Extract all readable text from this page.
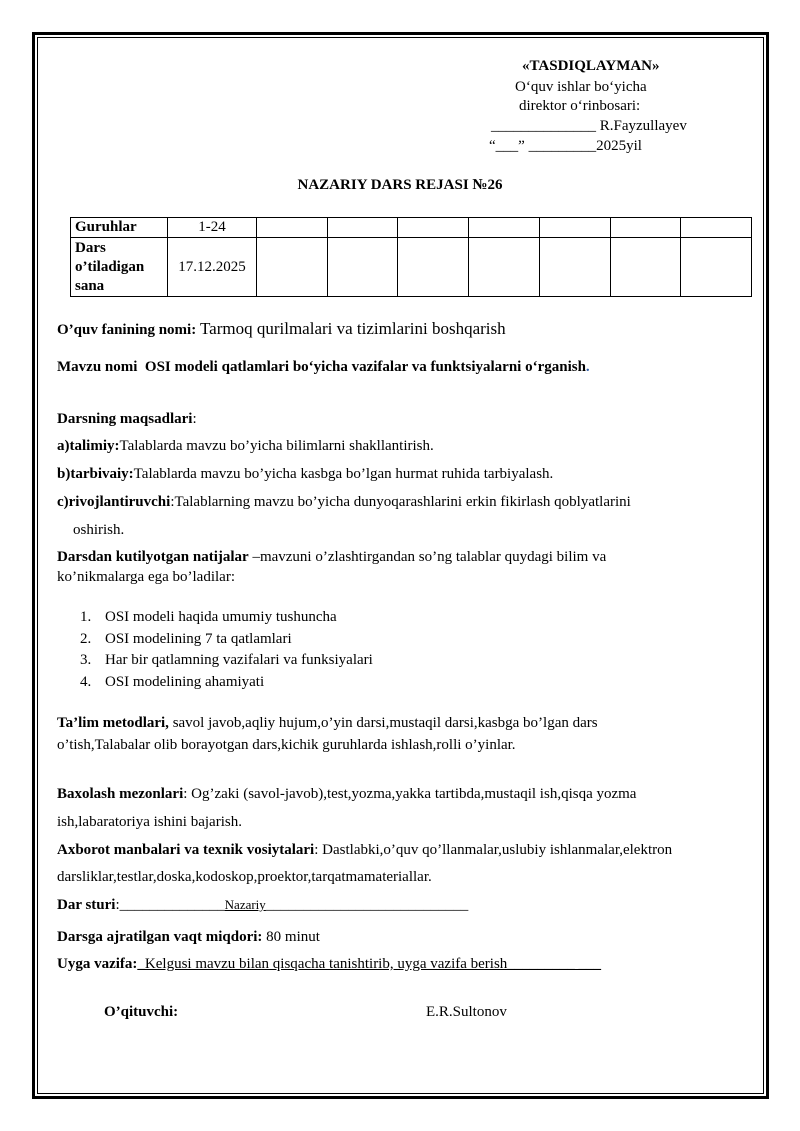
«TASDIQLAYMAN»
O‘quv ishlar bo‘yicha
direktor o‘rinbosari:
______________ R.Fayzullayev
“___” _________2025yil
NAZARIY DARS REJASI №26
Guruhlar	1-24							
Dars o’tiladigan sana	17.12.2025							
O’quv fanining nomi: Tarmoq qurilmalari va tizimlarini boshqarish
Mavzu nomi OSI modeli qatlamlari bo‘yicha vazifalar va funktsiyalarni o‘rganish.
Darsning maqsadlari:
a)talimiy:Talablarda mavzu bo’yicha bilimlarni shakllantirish.
b)tarbivaiy:Talablarda mavzu bo’yicha kasbga bo’lgan hurmat ruhida tarbiyalash.
c)rivojlantiruvchi:Talablarning mavzu bo’yicha dunyoqarashlarini erkin fikirlash qoblyatlarini
oshirish.
Darsdan kutilyotgan natijalar –mavzuni o’zlashtirgandan so’ng talablar quydagi bilim va
ko’nikmalarga ega bo’ladilar:
1. OSI modeli haqida umumiy tushuncha
2. OSI modelining 7 ta qatlamlari
3. Har bir qatlamning vazifalari va funksiyalari
4. OSI modelining ahamiyati
Ta’lim metodlari, savol javob,aqliy hujum,o’yin darsi,mustaqil darsi,kasbga bo’lgan dars
o’tish,Talabalar olib borayotgan dars,kichik guruhlarda ishlash,rolli o’yinlar.
Baxolash mezonlari: Og’zaki (savol-javob),test,yozma,yakka tartibda,mustaqil ish,qisqa yozma
ish,labaratoriya ishini bajarish.
Axborot manbalari va texnik vosiytalari: Dastlabki,o’quv qo’llanmalar,uslubiy ishlanmalar,elektron
darsliklar,testlar,doska,kodoskop,proektor,tarqatmamateriallar.
Dar sturi:______________Nazariy___________________________
Darsga ajratilgan vaqt miqdori: 80 minut
Uyga vazifa:_Kelgusi mavzu bilan qisqacha tanishtirib, uyga vazifa berish_________ ___
O’qituvchi:	E.R.Sultonov
